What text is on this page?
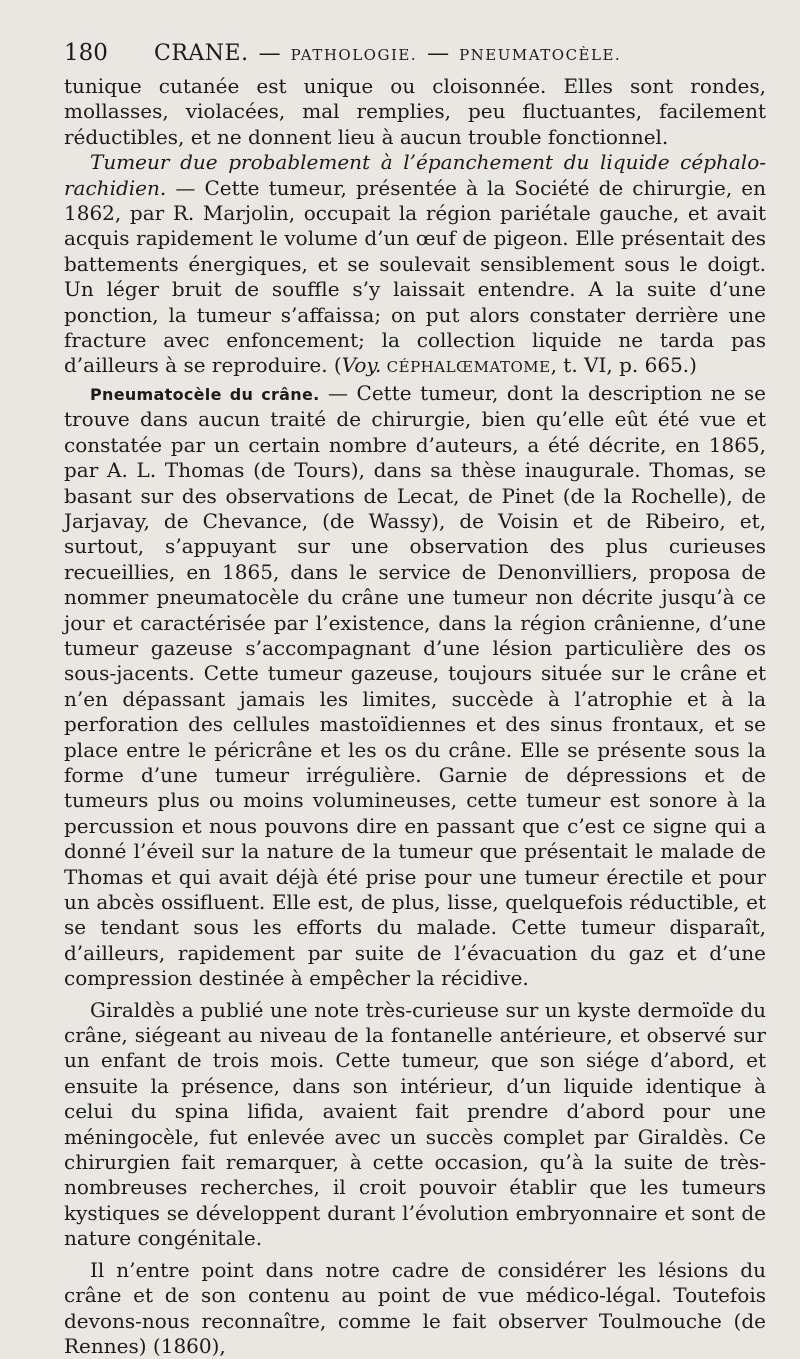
180	CRANE. — PATHOLOGIE. — PNEUMATOCÈLE.

tunique cutanée est unique ou cloisonnée. Elles sont rondes, mollasses, violacées, mal remplies, peu fluctuantes, facilement réductibles, et ne donnent lieu à aucun trouble fonctionnel.

Tumeur due probablement à l’épanchement du liquide céphalo-rachidien. — Cette tumeur, présentée à la Société de chirurgie, en 1862, par R. Marjolin, occupait la région pariétale gauche, et avait acquis rapidement le volume d’un œuf de pigeon. Elle présentait des battements énergiques, et se soulevait sensiblement sous le doigt. Un léger bruit de souffle s’y laissait entendre. A la suite d’une ponction, la tumeur s’affaissa; on put alors constater derrière une fracture avec enfoncement; la collection liquide ne tarda pas d’ailleurs à se reproduire. (Voy. CÉPHALŒMATOME, t. VI, p. 665.)

Pneumatocèle du crâne. — Cette tumeur, dont la description ne se trouve dans aucun traité de chirurgie, bien qu’elle eût été vue et constatée par un certain nombre d’auteurs, a été décrite, en 1865, par A. L. Thomas (de Tours), dans sa thèse inaugurale. Thomas, se basant sur des observations de Lecat, de Pinet (de la Rochelle), de Jarjavay, de Chevance, (de Wassy), de Voisin et de Ribeiro, et, surtout, s’appuyant sur une observation des plus curieuses recueillies, en 1865, dans le service de Denonvilliers, proposa de nommer pneumatocèle du crâne une tumeur non décrite jusqu’à ce jour et caractérisée par l’existence, dans la région crânienne, d’une tumeur gazeuse s’accompagnant d’une lésion particulière des os sous-jacents. Cette tumeur gazeuse, toujours située sur le crâne et n’en dépassant jamais les limites, succède à l’atrophie et à la perforation des cellules mastoïdiennes et des sinus frontaux, et se place entre le péricrâne et les os du crâne. Elle se présente sous la forme d’une tumeur irrégulière. Garnie de dépressions et de tumeurs plus ou moins volumineuses, cette tumeur est sonore à la percussion et nous pouvons dire en passant que c’est ce signe qui a donné l’éveil sur la nature de la tumeur que présentait le malade de Thomas et qui avait déjà été prise pour une tumeur érectile et pour un abcès ossifluent. Elle est, de plus, lisse, quelquefois réductible, et se tendant sous les efforts du malade. Cette tumeur disparaît, d’ailleurs, rapidement par suite de l’évacuation du gaz et d’une compression destinée à empêcher la récidive.

Giraldès a publié une note très-curieuse sur un kyste dermoïde du crâne, siégeant au niveau de la fontanelle antérieure, et observé sur un enfant de trois mois. Cette tumeur, que son siége d’abord, et ensuite la présence, dans son intérieur, d’un liquide identique à celui du spina lifida, avaient fait prendre d’abord pour une méningocèle, fut enlevée avec un succès complet par Giraldès. Ce chirurgien fait remarquer, à cette occasion, qu’à la suite de très-nombreuses recherches, il croit pouvoir établir que les tumeurs kystiques se développent durant l’évolution embryonnaire et sont de nature congénitale.

Il n’entre point dans notre cadre de considérer les lésions du crâne et de son contenu au point de vue médico-légal. Toutefois devons-nous reconnaître, comme le fait observer Toulmouche (de Rennes) (1860),
